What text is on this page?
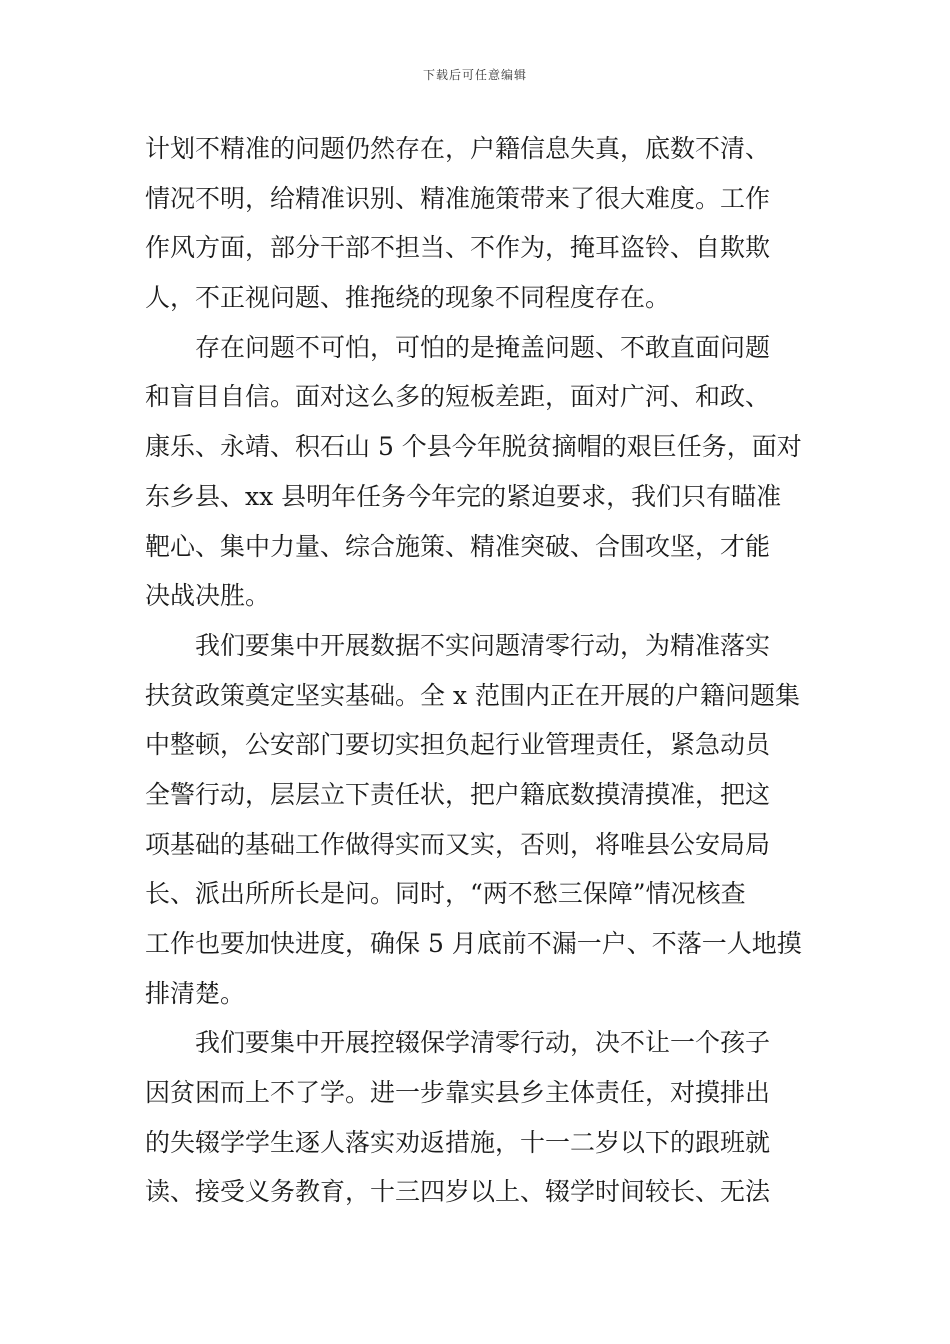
下载后可任意编辑
计划不精准的问题仍然存在，户籍信息失真，底数不清、
情况不明，给精准识别、精准施策带来了很大难度。工作
作风方面，部分干部不担当、不作为，掩耳盗铃、自欺欺
人，不正视问题、推拖绕的现象不同程度存在。
存在问题不可怕，可怕的是掩盖问题、不敢直面问题
和盲目自信。面对这么多的短板差距，面对广河、和政、
康乐、永靖、积石山 5 个县今年脱贫摘帽的艰巨任务，面对
东乡县、xx 县明年任务今年完的紧迫要求，我们只有瞄准
靶心、集中力量、综合施策、精准突破、合围攻坚，才能
决战决胜。
我们要集中开展数据不实问题清零行动，为精准落实
扶贫政策奠定坚实基础。全 x 范围内正在开展的户籍问题集
中整顿，公安部门要切实担负起行业管理责任，紧急动员
全警行动，层层立下责任状，把户籍底数摸清摸准，把这
项基础的基础工作做得实而又实，否则，将唯县公安局局
长、派出所所长是问。同时，“两不愁三保障”情况核查
工作也要加快进度，确保 5 月底前不漏一户、不落一人地摸
排清楚。
我们要集中开展控辍保学清零行动，决不让一个孩子
因贫困而上不了学。进一步靠实县乡主体责任，对摸排出
的失辍学学生逐人落实劝返措施，十一二岁以下的跟班就
读、接受义务教育，十三四岁以上、辍学时间较长、无法
